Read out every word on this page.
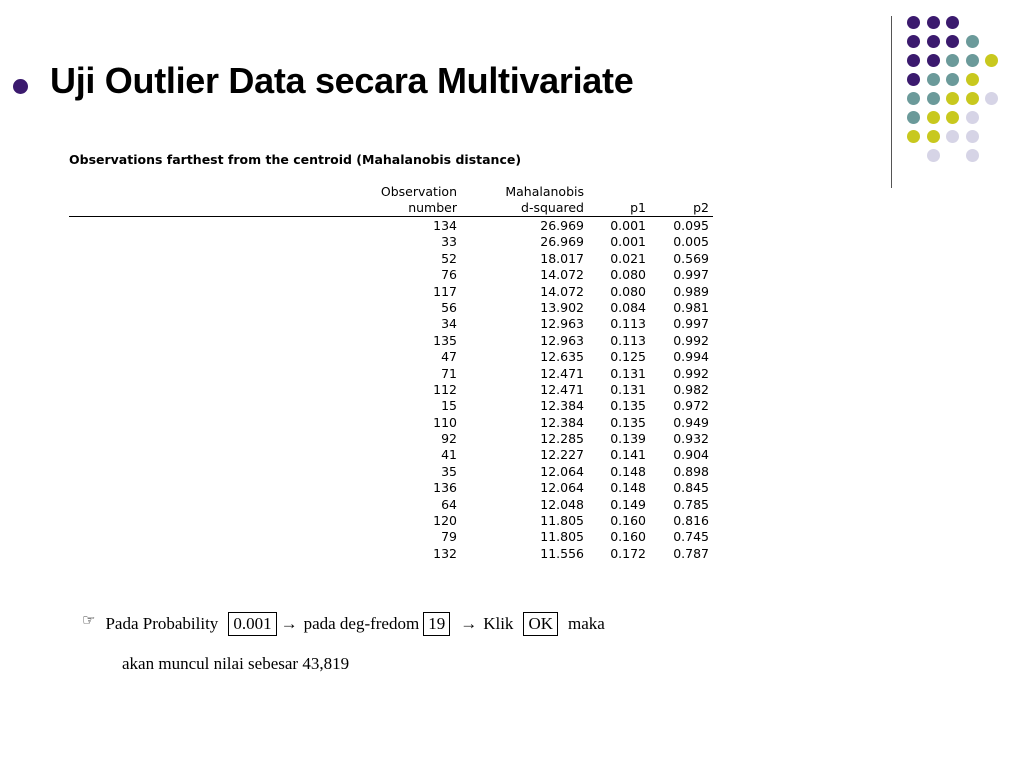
Uji Outlier Data secara Multivariate
Observations farthest from the centroid (Mahalanobis distance)
Observation
number
Mahalanobis
d-squared	p1	p2
134	26.969	0.001	0.095
33	26.969	0.001	0.005
52	18.017	0.021	0.569
76	14.072	0.080	0.997
117	14.072	0.080	0.989
56	13.902	0.084	0.981
34	12.963	0.113	0.997
135	12.963	0.113	0.992
47	12.635	0.125	0.994
71	12.471	0.131	0.992
112	12.471	0.131	0.982
15	12.384	0.135	0.972
110	12.384	0.135	0.949
92	12.285	0.139	0.932
41	12.227	0.141	0.904
35	12.064	0.148	0.898
136	12.064	0.148	0.845
64	12.048	0.149	0.785
120	11.805	0.160	0.816
79	11.805	0.160	0.745
132	11.556	0.172	0.787
☞ Pada Probability 0.001 → pada deg-fredom 19 → Klik OK maka
akan muncul nilai sebesar 43,819
